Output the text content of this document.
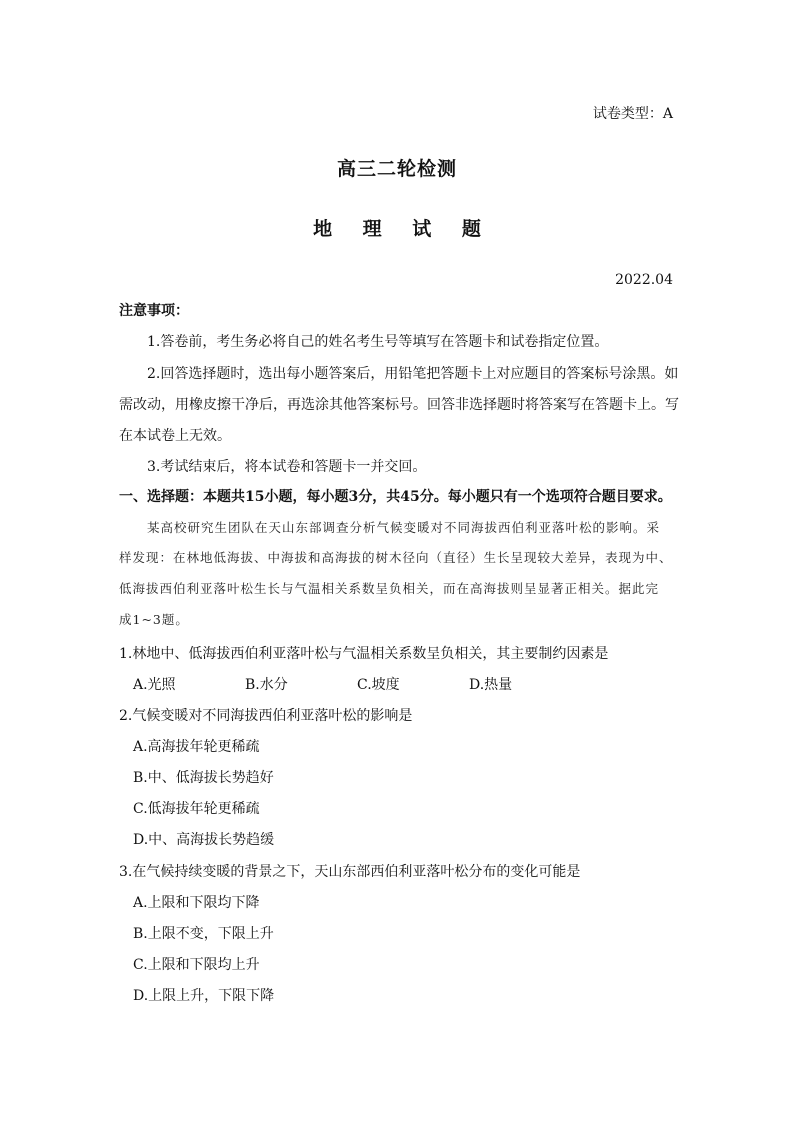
试卷类型：A
高三二轮检测
地 理 试 题
2022.04
注意事项：
1.答卷前，考生务必将自己的姓名考生号等填写在答题卡和试卷指定位置。
2.回答选择题时，选出每小题答案后，用铅笔把答题卡上对应题目的答案标号涂黑。如
需改动，用橡皮擦干净后，再选涂其他答案标号。回答非选择题时将答案写在答题卡上。写
在本试卷上无效。
3.考试结束后，将本试卷和答题卡一并交回。
一、选择题：本题共15小题，每小题3分，共45分。每小题只有一个选项符合题目要求。
某高校研究生团队在天山东部调查分析气候变暖对不同海拔西伯利亚落叶松的影响。采
样发现：在林地低海拔、中海拔和高海拔的树木径向（直径）生长呈现较大差异，表现为中、
低海拔西伯利亚落叶松生长与气温相关系数呈负相关，而在高海拔则呈显著正相关。据此完
成1~3题。
1.林地中、低海拔西伯利亚落叶松与气温相关系数呈负相关，其主要制约因素是
A.光照	B.水分	C.坡度	D.热量
2.气候变暖对不同海拔西伯利亚落叶松的影响是
A.高海拔年轮更稀疏
B.中、低海拔长势趋好
C.低海拔年轮更稀疏
D.中、高海拔长势趋缓
3.在气候持续变暖的背景之下，天山东部西伯利亚落叶松分布的变化可能是
A.上限和下限均下降
B.上限不变，下限上升
C.上限和下限均上升
D.上限上升，下限下降
